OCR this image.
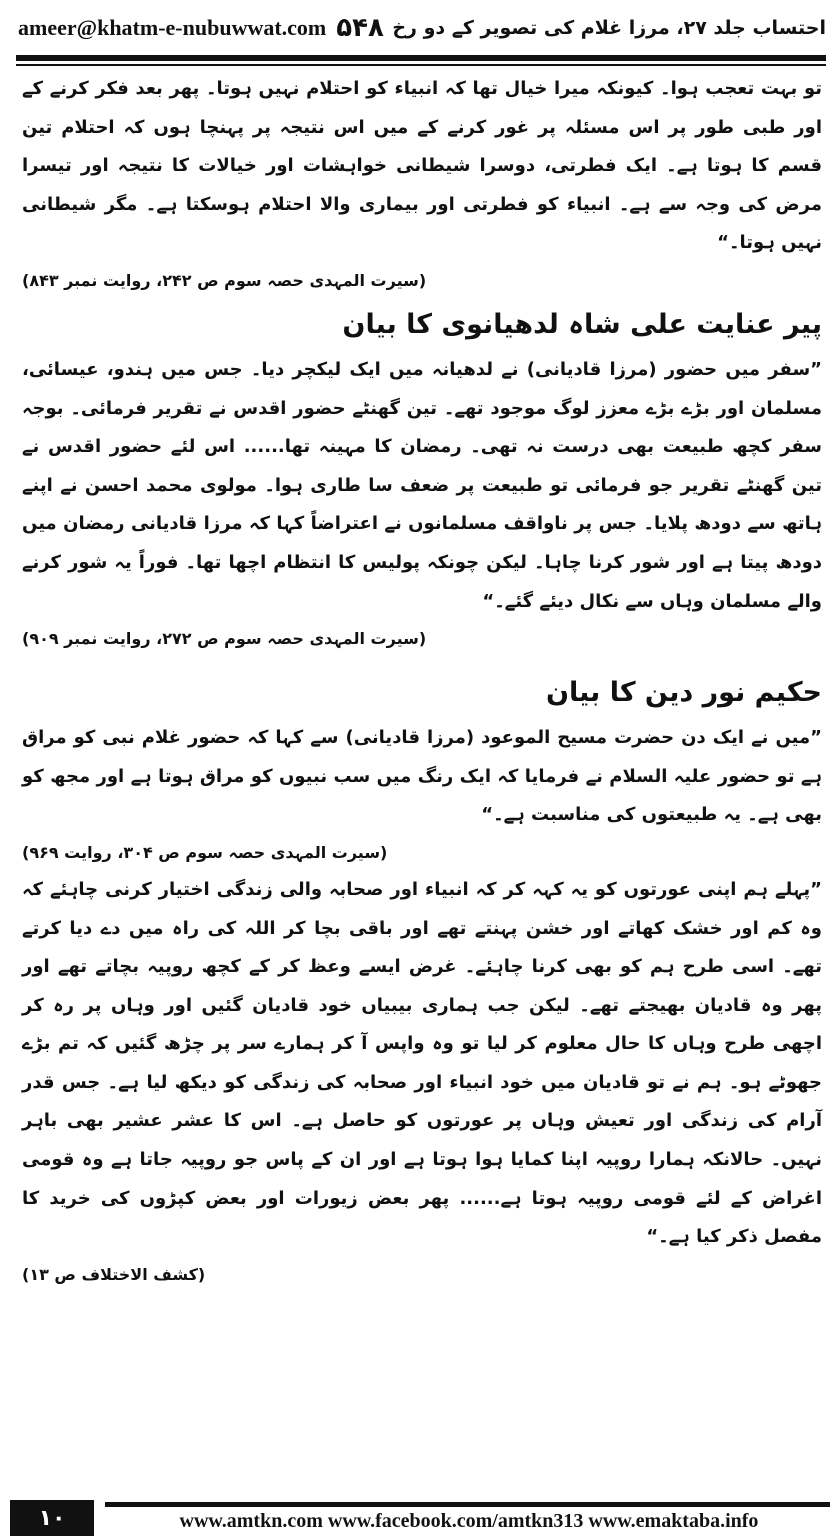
ameer@khatm-e-nubuwwat.com ۵۴۸ احتساب جلد ۲۷، مرزا غلام کی تصویر کے دو رخ

تو بہت تعجب ہوا۔ کیونکہ میرا خیال تھا کہ انبیاء کو احتلام نہیں ہوتا۔ پھر بعد فکر کرنے کے اور طبی طور پر اس مسئلہ پر غور کرنے کے میں اس نتیجہ پر پہنچا ہوں کہ احتلام تین قسم کا ہوتا ہے۔ ایک فطرتی، دوسرا شیطانی خواہشات اور خیالات کا نتیجہ اور تیسرا مرض کی وجہ سے ہے۔ انبیاء کو فطرتی اور بیماری والا احتلام ہوسکتا ہے۔ مگر شیطانی نہیں ہوتا۔“

(سیرت المہدی حصہ سوم ص ۲۴۲، روایت نمبر ۸۴۳)
پیر عنایت علی شاہ لدھیانوی کا بیان

”سفر میں حضور (مرزا قادیانی) نے لدھیانہ میں ایک لیکچر دیا۔ جس میں ہندو، عیسائی، مسلمان اور بڑے بڑے معزز لوگ موجود تھے۔ تین گھنٹے حضور اقدس نے تقریر فرمائی۔ بوجہ سفر کچھ طبیعت بھی درست نہ تھی۔ رمضان کا مہینہ تھا...... اس لئے حضور اقدس نے تین گھنٹے تقریر جو فرمائی تو طبیعت پر ضعف سا طاری ہوا۔ مولوی محمد احسن نے اپنے ہاتھ سے دودھ پلایا۔ جس پر ناواقف مسلمانوں نے اعتراضاً کہا کہ مرزا قادیانی رمضان میں دودھ پیتا ہے اور شور کرنا چاہا۔ لیکن چونکہ پولیس کا انتظام اچھا تھا۔ فوراً یہ شور کرنے والے مسلمان وہاں سے نکال دیئے گئے۔“

(سیرت المہدی حصہ سوم ص ۲۷۲، روایت نمبر ۹۰۹)
حکیم نور دین کا بیان

”میں نے ایک دن حضرت مسیح الموعود (مرزا قادیانی) سے کہا کہ حضور غلام نبی کو مراق ہے تو حضور علیہ السلام نے فرمایا کہ ایک رنگ میں سب نبیوں کو مراق ہوتا ہے اور مجھ کو بھی ہے۔ یہ طبیعتوں کی مناسبت ہے۔“

(سیرت المہدی حصہ سوم ص ۳۰۴، روایت ۹۶۹)

”پہلے ہم اپنی عورتوں کو یہ کہہ کر کہ انبیاء اور صحابہ والی زندگی اختیار کرنی چاہئے کہ وہ کم اور خشک کھاتے اور خشن پہنتے تھے اور باقی بچا کر اللہ کی راہ میں دے دیا کرتے تھے۔ اسی طرح ہم کو بھی کرنا چاہئے۔ غرض ایسے وعظ کر کے کچھ روپیہ بچاتے تھے اور پھر وہ قادیان بھیجتے تھے۔ لیکن جب ہماری بیبیاں خود قادیان گئیں اور وہاں پر رہ کر اچھی طرح وہاں کا حال معلوم کر لیا تو وہ واپس آ کر ہمارے سر پر چڑھ گئیں کہ تم بڑے جھوٹے ہو۔ ہم نے تو قادیان میں خود انبیاء اور صحابہ کی زندگی کو دیکھ لیا ہے۔ جس قدر آرام کی زندگی اور تعیش وہاں پر عورتوں کو حاصل ہے۔ اس کا عشر عشیر بھی باہر نہیں۔ حالانکہ ہمارا روپیہ اپنا کمایا ہوا ہوتا ہے اور ان کے پاس جو روپیہ جاتا ہے وہ قومی اغراض کے لئے قومی روپیہ ہوتا ہے...... پھر بعض زیورات اور بعض کپڑوں کی خرید کا مفصل ذکر کیا ہے۔“

(کشف الاختلاف ص ۱۳)
۱۰	www.amtkn.com www.facebook.com/amtkn313 www.emaktaba.info
